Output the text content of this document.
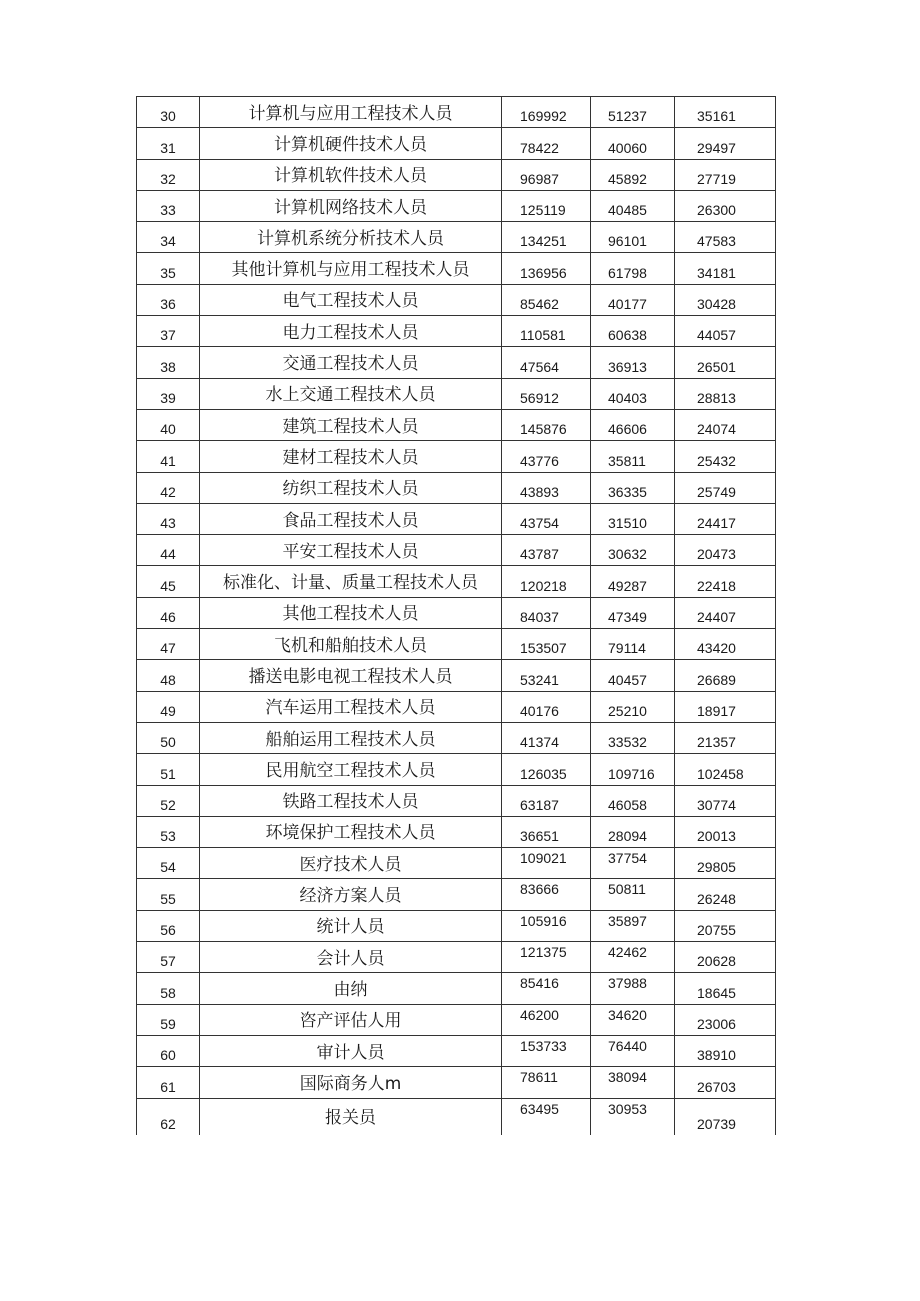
30	计算机与应用工程技术人员	169992	51237	35161
31	计算机硬件技术人员	78422	40060	29497
32	计算机软件技术人员	96987	45892	27719
33	计算机网络技术人员	125119	40485	26300
34	计算机系统分析技术人员	134251	96101	47583
35	其他计算机与应用工程技术人员	136956	61798	34181
36	电气工程技术人员	85462	40177	30428
37	电力工程技术人员	110581	60638	44057
38	交通工程技术人员	47564	36913	26501
39	水上交通工程技术人员	56912	40403	28813
40	建筑工程技术人员	145876	46606	24074
41	建材工程技术人员	43776	35811	25432
42	纺织工程技术人员	43893	36335	25749
43	食品工程技术人员	43754	31510	24417
44	平安工程技术人员	43787	30632	20473
45	标准化、计量、质量工程技术人员	120218	49287	22418
46	其他工程技术人员	84037	47349	24407
47	飞机和船舶技术人员	153507	79114	43420
48	播送电影电视工程技术人员	53241	40457	26689
49	汽车运用工程技术人员	40176	25210	18917
50	船舶运用工程技术人员	41374	33532	21357
51	民用航空工程技术人员	126035	109716	102458
52	铁路工程技术人员	63187	46058	30774
53	环境保护工程技术人员	36651	28094	20013
54	医疗技术人员	109021	37754	29805
55	经济方案人员	83666	50811	26248
56	统计人员	105916	35897	20755
57	会计人员	121375	42462	20628
58	由纳	85416	37988	18645
59	咨产评估人用	46200	34620	23006
60	审计人员	153733	76440	38910
61	国际商务人m	78611	38094	26703
62	报关员	63495	30953	20739
